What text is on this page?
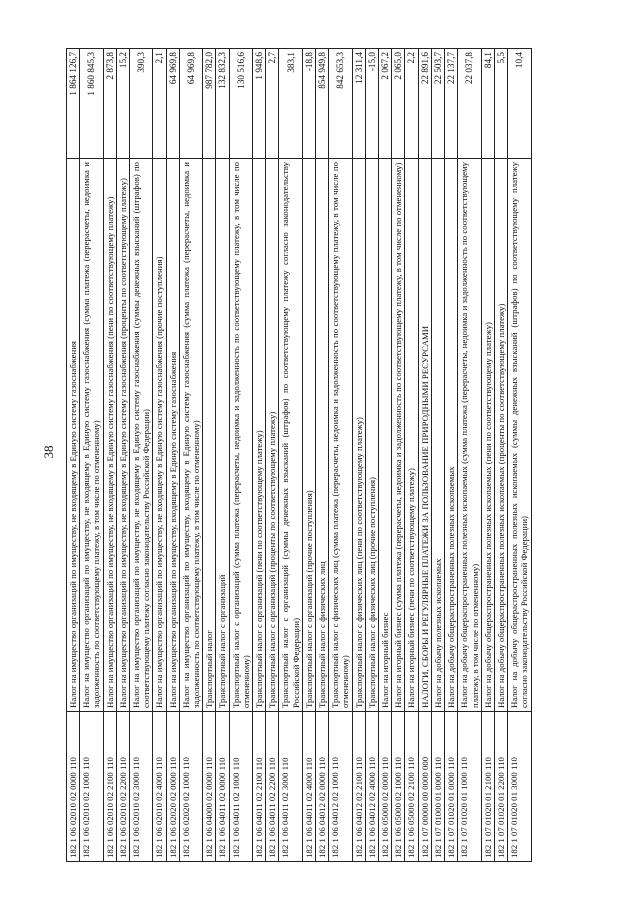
38
182 1 06 02010 02 0000 110	Налог на имущество организаций по имуществу, не входящему в Единую систему газоснабжения	1 864 126,7
182 1 06 02010 02 1000 110	Налог на имущество организаций по имуществу, не входящему в Единую систему газоснабжения (сумма платежа (перерасчеты, недоимка и задолженность по соответствующему платежу, в том числе по отмененному)	1 860 845,3
182 1 06 02010 02 2100 110	Налог на имущество организаций по имуществу, не входящему в Единую систему газоснабжения (пени по соответствующему платежу)	2 873,8
182 1 06 02010 02 2200 110	Налог на имущество организаций по имуществу, не входящему в Единую систему газоснабжения (проценты по соответствующему платежу)	15,2
182 1 06 02010 02 3000 110	Налог на имущество организаций по имуществу, не входящему в Единую систему газоснабжения (суммы денежных взысканий (штрафов) по соответствующему платежу согласно законодательству Российской Федерации)	390,3
182 1 06 02010 02 4000 110	Налог на имущество организаций по имуществу, не входящему в Единую систему газоснабжения (прочие поступления)	2,1
182 1 06 02020 02 0000 110	Налог на имущество организаций по имуществу, входящему в Единую систему газоснабжения	64 969,8
182 1 06 02020 02 1000 110	Налог на имущество организаций по имуществу, входящему в Единую систему газоснабжения (сумма платежа (перерасчеты, недоимка и задолженность по соответствующему платежу, в том числе по отмененному)	64 969,8
182 1 06 04000 02 0000 110	Транспортный налог	987 782,0
182 1 06 04011 02 0000 110	Транспортный налог с организаций	132 832,3
182 1 06 04011 02 1000 110	Транспортный налог с организаций (сумма платежа (перерасчеты, недоимка и задолженность по соответствующему платежу, в том числе по отмененному)	130 516,6
182 1 06 04011 02 2100 110	Транспортный налог с организаций (пени по соответствующему платежу)	1 948,6
182 1 06 04011 02 2200 110	Транспортный налог с организаций (проценты по соответствующему платежу)	2,7
182 1 06 04011 02 3000 110	Транспортный налог с организаций (суммы денежных взысканий (штрафов) по соответствующему платежу согласно законодательству Российской Федерации)	383,1
182 1 06 04011 02 4000 110	Транспортный налог с организаций (прочие поступления)	-18,8
182 1 06 04012 02 0000 110	Транспортный налог с физических лиц	854 949,8
182 1 06 04012 02 1000 110	Транспортный налог с физических лиц (сумма платежа (перерасчеты, недоимка и задолженность по соответствующему платежу, в том числе по отмененному)	842 653,3
182 1 06 04012 02 2100 110	Транспортный налог с физических лиц (пени по соответствующему платежу)	12 311,4
182 1 06 04012 02 4000 110	Транспортный налог с физических лиц (прочие поступления)	-15,0
182 1 06 05000 02 0000 110	Налог на игорный бизнес	2 067,2
182 1 06 05000 02 1000 110	Налог на игорный бизнес (сумма платежа (перерасчеты, недоимка и задолженность по соответствующему платежу, в том числе по отмененному)	2 065,0
182 1 06 05000 02 2100 110	Налог на игорный бизнес (пени по соответствующему платежу)	2,2
182 1 07 00000 00 0000 000	НАЛОГИ, СБОРЫ И РЕГУЛЯРНЫЕ ПЛАТЕЖИ ЗА ПОЛЬЗОВАНИЕ ПРИРОДНЫМИ РЕСУРСАМИ	22 891,6
182 1 07 01000 01 0000 110	Налог на добычу полезных ископаемых	22 503,7
182 1 07 01020 01 0000 110	Налог на добычу общераспространенных полезных ископаемых	22 137,7
182 1 07 01020 01 1000 110	Налог на добычу общераспространенных полезных ископаемых (сумма платежа (перерасчеты, недоимка и задолженность по соответствующему платежу, в том числе по отмененному)	22 037,8
182 1 07 01020 01 2100 110	Налог на добычу общераспространенных полезных ископаемых (пени по соответствующему платежу)	84,1
182 1 07 01020 01 2200 110	Налог на добычу общераспространенных полезных ископаемых (проценты по соответствующему платежу)	5,5
182 1 07 01020 01 3000 110	Налог на добычу общераспространенных полезных ископаемых (суммы денежных взысканий (штрафов) по соответствующему платежу согласно законодательству Российской Федерации)	10,4
